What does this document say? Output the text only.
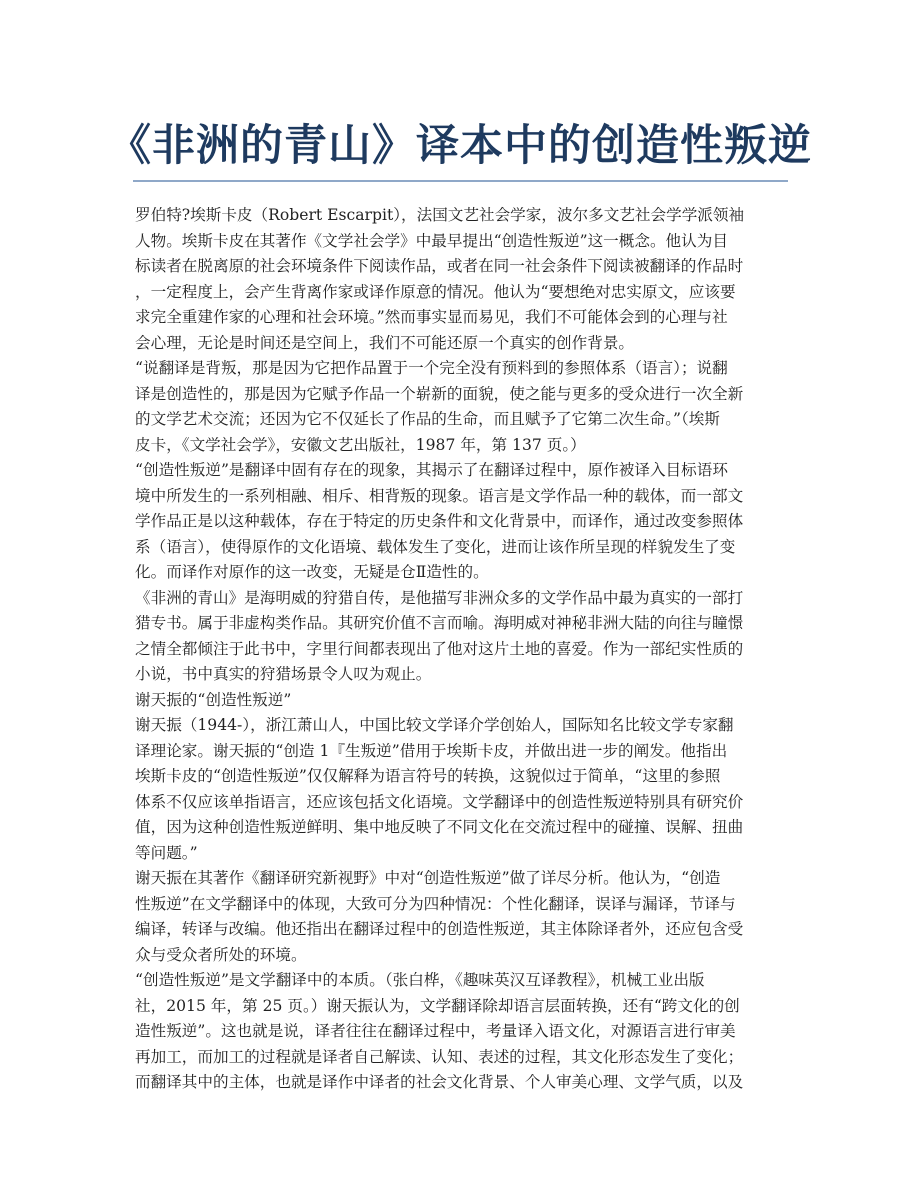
《非洲的青山》译本中的创造性叛逆
罗伯特?埃斯卡皮（Robert Escarpit），法国文艺社会学家，波尔多文艺社会学学派领袖
人物。埃斯卡皮在其著作《文学社会学》中最早提出“创造性叛逆”这一概念。他认为目
标读者在脱离原的社会环境条件下阅读作品，或者在同一社会条件下阅读被翻译的作品时
，一定程度上，会产生背离作家或译作原意的情况。他认为“要想绝对忠实原文，应该要
求完全重建作家的心理和社会环境。”然而事实显而易见，我们不可能体会到的心理与社
会心理，无论是时间还是空间上，我们不可能还原一个真实的创作背景。
“说翻译是背叛，那是因为它把作品置于一个完全没有预料到的参照体系（语言）；说翻
译是创造性的，那是因为它赋予作品一个崭新的面貌，使之能与更多的受众进行一次全新
的文学艺术交流；还因为它不仅延长了作品的生命，而且赋予了它第二次生命。”（埃斯
皮卡，《文学社会学》，安徽文艺出版社，1987 年，第 137 页。）
“创造性叛逆”是翻译中固有存在的现象，其揭示了在翻译过程中，原作被译入目标语环
境中所发生的一系列相融、相斥、相背叛的现象。语言是文学作品一种的载体，而一部文
学作品正是以这种载体，存在于特定的历史条件和文化背景中，而译作，通过改变参照体
系（语言），使得原作的文化语境、载体发生了变化，进而让该作所呈现的样貌发生了变
化。而译作对原作的这一改变，无疑是仓Ⅱ造性的。
《非洲的青山》是海明威的狩猎自传，是他描写非洲众多的文学作品中最为真实的一部打
猎专书。属于非虚构类作品。其研究价值不言而喻。海明威对神秘非洲大陆的向往与瞳憬
之情全都倾注于此书中，字里行间都表现出了他对这片土地的喜爱。作为一部纪实性质的
小说，书中真实的狩猎场景令人叹为观止。
谢天振的“创造性叛逆”
谢天振（1944-），浙江萧山人，中国比较文学译介学创始人，国际知名比较文学专家翻
译理论家。谢天振的“创造 1『生叛逆”借用于埃斯卡皮，并做出进一步的阐发。他指出
埃斯卡皮的“创造性叛逆”仅仅解释为语言符号的转换，这貌似过于简单，“这里的参照
体系不仅应该单指语言，还应该包括文化语境。文学翻译中的创造性叛逆特别具有研究价
值，因为这种创造性叛逆鲜明、集中地反映了不同文化在交流过程中的碰撞、误解、扭曲
等问题。”
谢天振在其著作《翻译研究新视野》中对“创造性叛逆”做了详尽分析。他认为，“创造
性叛逆”在文学翻译中的体现，大致可分为四种情况：个性化翻译，误译与漏译，节译与
编译，转译与改编。他还指出在翻译过程中的创造性叛逆，其主体除译者外，还应包含受
众与受众者所处的环境。
“创造性叛逆”是文学翻译中的本质。（张白桦，《趣味英汉互译教程》，机械工业出版
社，2015 年，第 25 页。）谢天振认为，文学翻译除却语言层面转换，还有“跨文化的创
造性叛逆”。这也就是说，译者往往在翻译过程中，考量译入语文化，对源语言进行审美
再加工，而加工的过程就是译者自己解读、认知、表述的过程，其文化形态发生了变化；
而翻译其中的主体，也就是译作中译者的社会文化背景、个人审美心理、文学气质，以及
